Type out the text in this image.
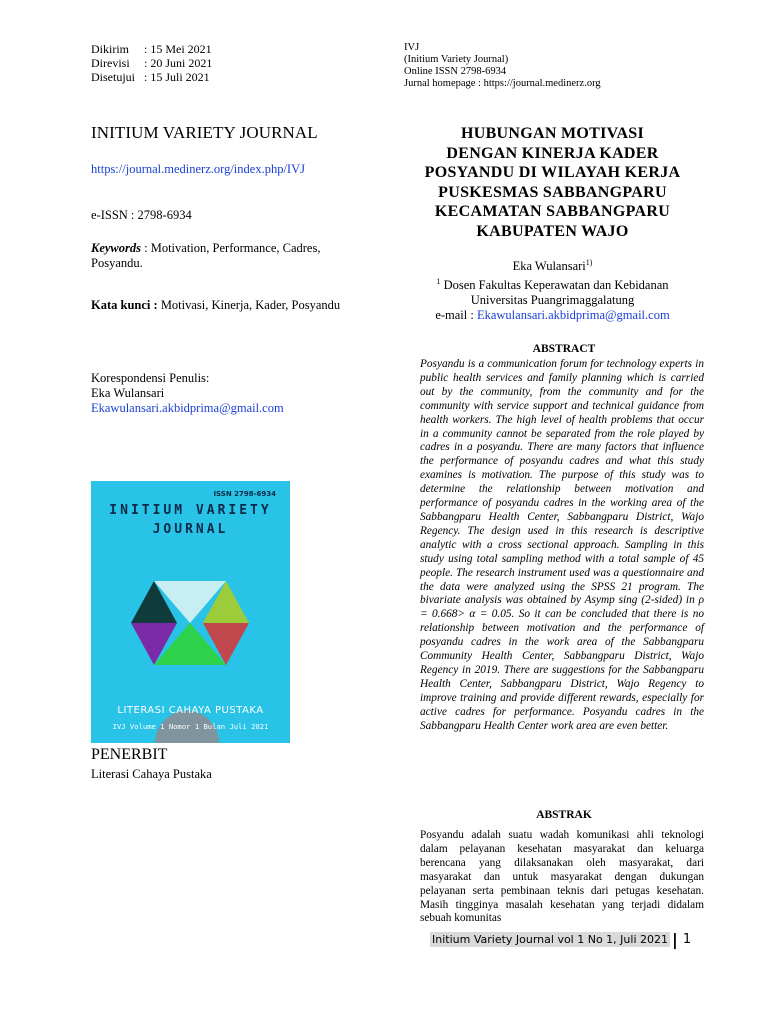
Dikirim	: 15 Mei 2021
Direvisi	: 20 Juni 2021
Disetujui : 15 Juli 2021
IVJ
(Initium Variety Journal)
Online ISSN 2798-6934
Jurnal homepage : https://journal.medinerz.org
INITIUM VARIETY JOURNAL
https://journal.medinerz.org/index.php/IVJ
e-ISSN : 2798-6934
Keywords : Motivation, Performance, Cadres, Posyandu.
Kata kunci : Motivasi, Kinerja, Kader, Posyandu
Korespondensi Penulis:
Eka Wulansari
Ekawulansari.akbidprima@gmail.com
ISSN 2798-6934
INITIUM VARIETY
JOURNAL
LITERASI CAHAYA PUSTAKA
IVJ Volume 1 Nomor 1 Bulan Juli 2021
PENERBIT
Literasi Cahaya Pustaka
HUBUNGAN MOTIVASI
DENGAN KINERJA KADER
POSYANDU DI WILAYAH KERJA
PUSKESMAS SABBANGPARU
KECAMATAN SABBANGPARU
KABUPATEN WAJO
Eka Wulansari$^{1)}$
$^1$ Dosen Fakultas Keperawatan dan Kebidanan
Universitas Puangrimaggalatung
e-mail : Ekawulansari.akbidprima@gmail.com
ABSTRACT
Posyandu is a communication forum for technology experts in public health services and family planning which is carried out by the community, from the community and for the community with service support and technical guidance from health workers. The high level of health problems that occur in a community cannot be separated from the role played by cadres in a posyandu. There are many factors that influence the performance of posyandu cadres and what this study examines is motivation. The purpose of this study was to determine the relationship between motivation and performance of posyandu cadres in the working area of the Sabbangparu Health Center, Sabbangparu District, Wajo Regency. The design used in this research is descriptive analytic with a cross sectional approach. Sampling in this study using total sampling method with a total sample of 45 people. The research instrument used was a questionnaire and the data were analyzed using the SPSS 21 program. The bivariate analysis was obtained by Asymp sing (2-sided) in ρ = 0.668> α = 0.05. So it can be concluded that there is no relationship between motivation and the performance of posyandu cadres in the work area of the Sabbangparu Community Health Center, Sabbangparu District, Wajo Regency in 2019. There are suggestions for the Sabbangparu Health Center, Sabbangparu District, Wajo Regency to improve training and provide different rewards, especially for active cadres for performance. Posyandu cadres in the Sabbangparu Health Center work area are even better.
ABSTRAK
Posyandu adalah suatu wadah komunikasi ahli teknologi dalam pelayanan kesehatan masyarakat dan keluarga berencana yang dilaksanakan oleh masyarakat, dari masyarakat dan untuk masyarakat dengan dukungan pelayanan serta pembinaan teknis dari petugas kesehatan. Masih tingginya masalah kesehatan yang terjadi didalam sebuah komunitas
Initium Variety Journal vol 1 No 1, Juli 2021 | 1
